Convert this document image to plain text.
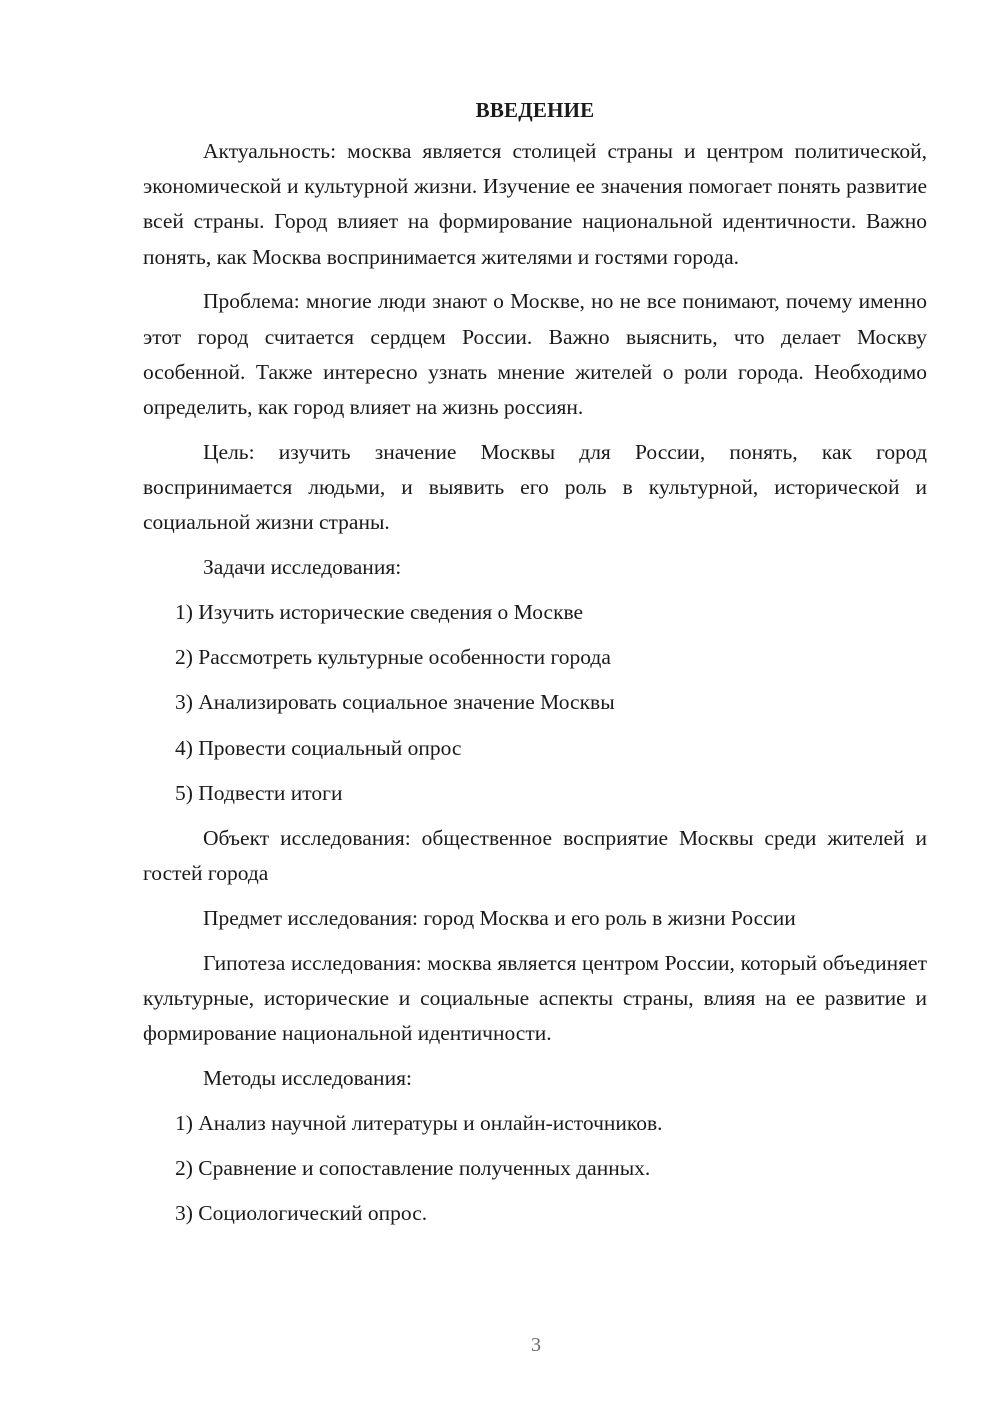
ВВЕДЕНИЕ

Актуальность: москва является столицей страны и центром политической, экономической и культурной жизни. Изучение ее значения помогает понять развитие всей страны. Город влияет на формирование национальной идентичности. Важно понять, как Москва воспринимается жителями и гостями города.

Проблема: многие люди знают о Москве, но не все понимают, почему именно этот город считается сердцем России. Важно выяснить, что делает Москву особенной. Также интересно узнать мнение жителей о роли города. Необходимо определить, как город влияет на жизнь россиян.

Цель: изучить значение Москвы для России, понять, как город воспринимается людьми, и выявить его роль в культурной, исторической и социальной жизни страны.

Задачи исследования:
1) Изучить исторические сведения о Москве
2) Рассмотреть культурные особенности города
3) Анализировать социальное значение Москвы
4) Провести социальный опрос
5) Подвести итоги

Объект исследования: общественное восприятие Москвы среди жителей и гостей города

Предмет исследования: город Москва и его роль в жизни России

Гипотеза исследования: москва является центром России, который объединяет культурные, исторические и социальные аспекты страны, влияя на ее развитие и формирование национальной идентичности.

Методы исследования:
1) Анализ научной литературы и онлайн-источников.
2) Сравнение и сопоставление полученных данных.
3) Социологический опрос.
3
